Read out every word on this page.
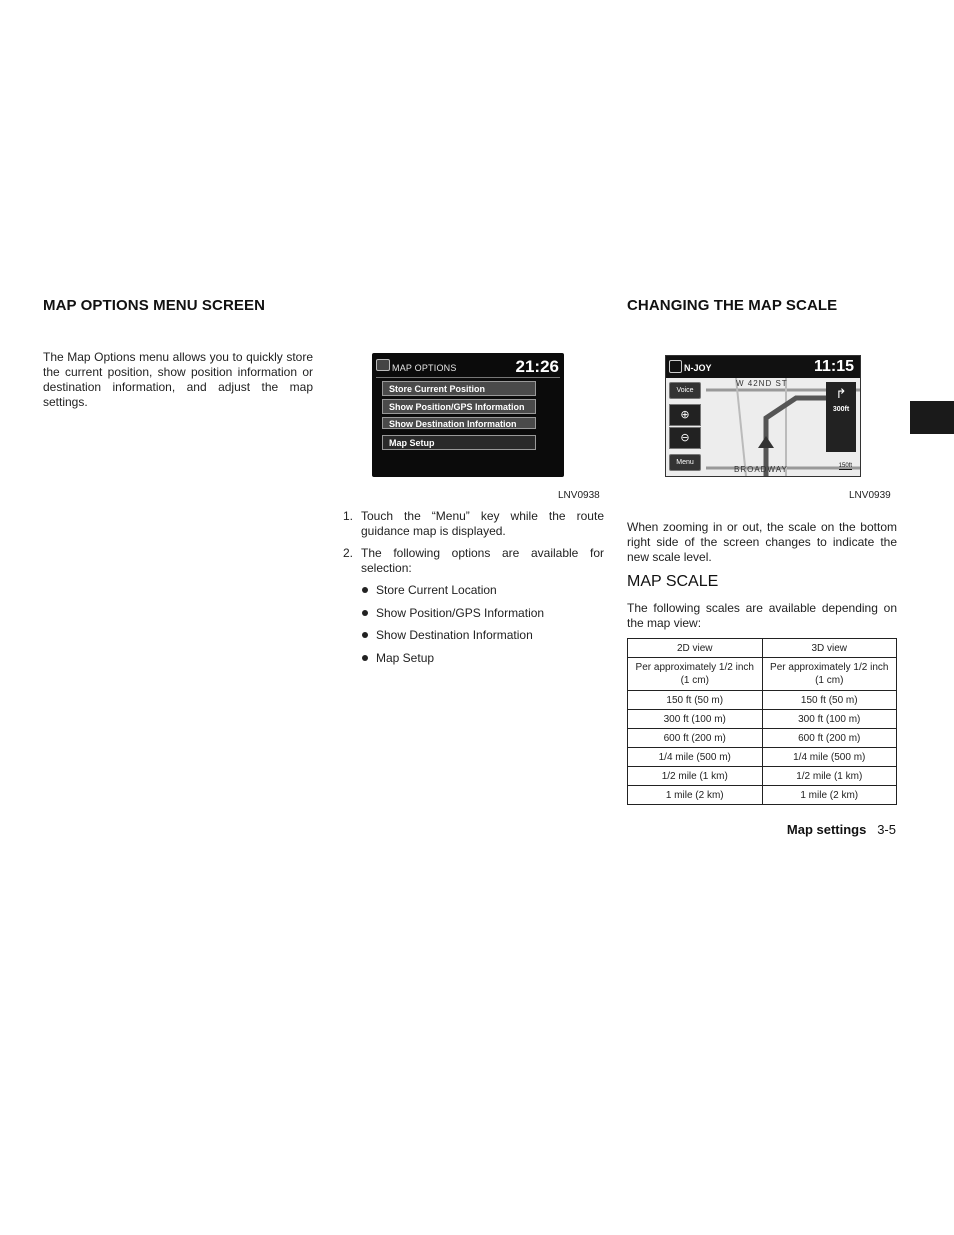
MAP OPTIONS MENU SCREEN
The Map Options menu allows you to quickly store the current position, show position information or destination information, and adjust the map settings.
MAP OPTIONS	21:26
Store Current Position
Show Position/GPS Information
Show Destination Information
Map Setup
LNV0938
1. Touch the “Menu” key while the route guidance map is displayed.
2. The following options are available for selection:
Store Current Location
Show Position/GPS Information
Show Destination Information
Map Setup
CHANGING THE MAP SCALE
N-JOY	11:15
W 42ND ST
BROADWAY
Voice
⊕
⊖
Menu
↱
300ft
150ft
LNV0939
When zooming in or out, the scale on the bottom right side of the screen changes to indicate the new scale level.
MAP SCALE
The following scales are available depending on the map view:
2D view	3D view
Per approximately 1/2 inch (1 cm)	Per approximately 1/2 inch (1 cm)
150 ft (50 m)	150 ft (50 m)
300 ft (100 m)	300 ft (100 m)
600 ft (200 m)	600 ft (200 m)
1/4 mile (500 m)	1/4 mile (500 m)
1/2 mile (1 km)	1/2 mile (1 km)
1 mile (2 km)	1 mile (2 km)
Map settings 3-5
